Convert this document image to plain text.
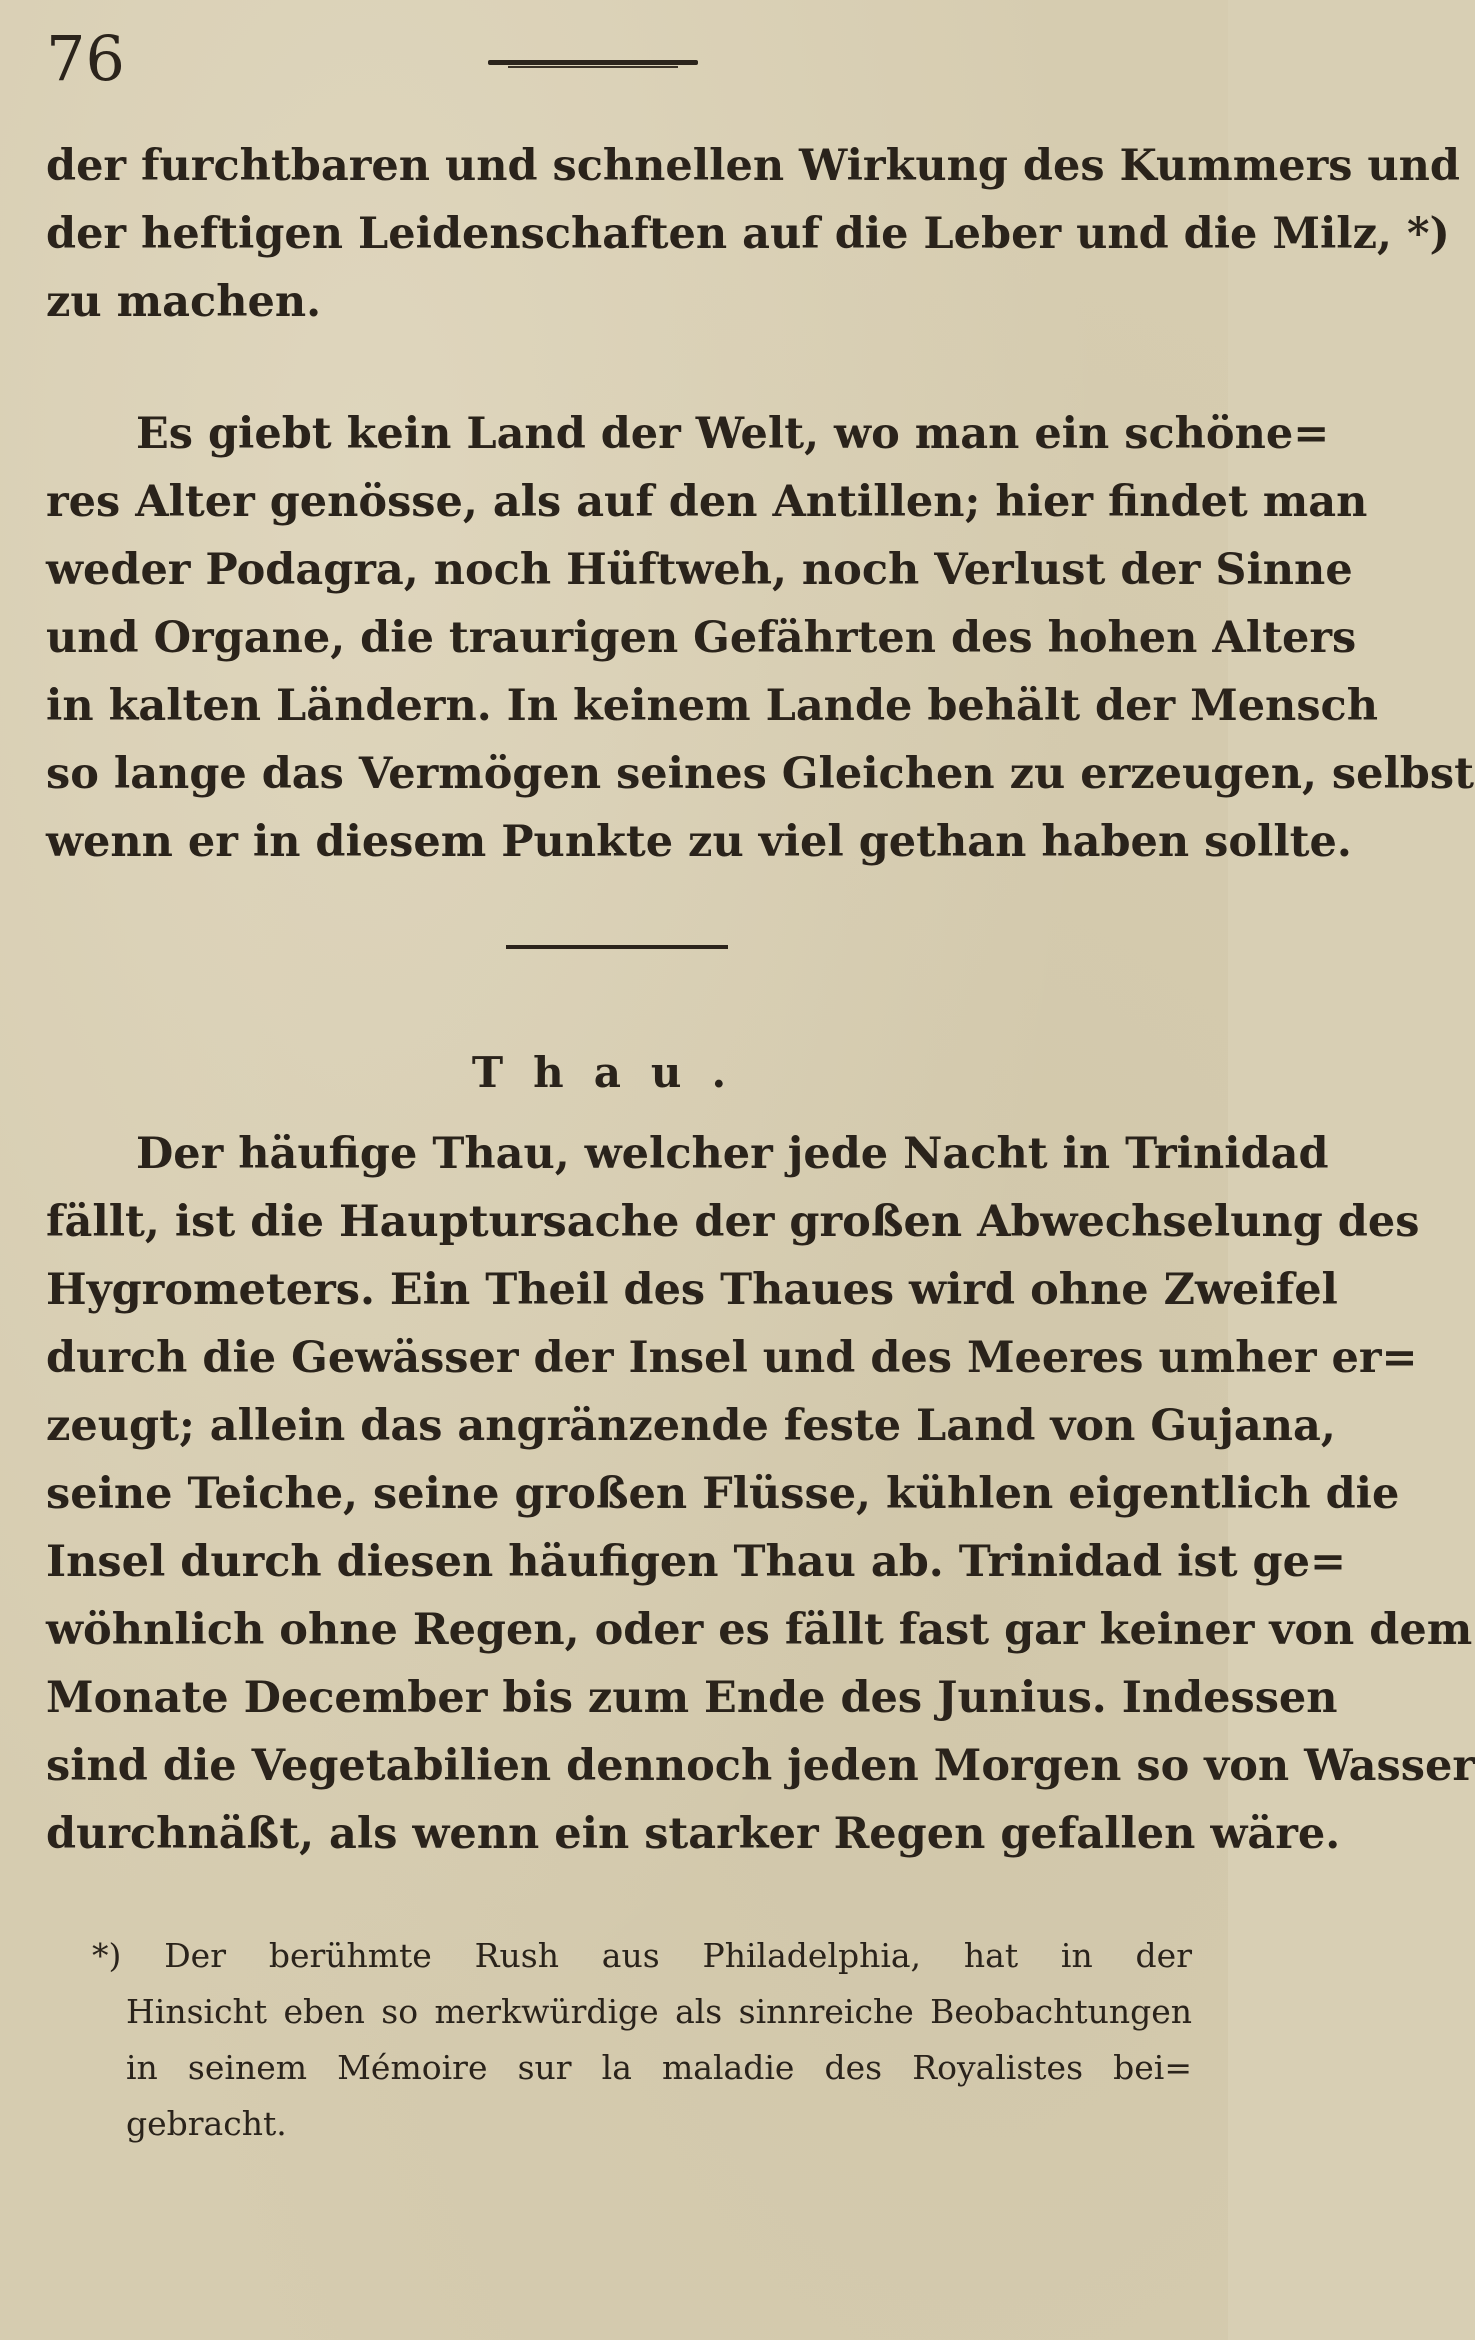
76
der furchtbaren und schnellen Wirkung des Kummers und
der heftigen Leidenschaften auf die Leber und die Milz, *)
zu machen.
Es giebt kein Land der Welt, wo man ein schöne=
res Alter genösse, als auf den Antillen; hier findet man
weder Podagra, noch Hüftweh, noch Verlust der Sinne
und Organe, die traurigen Gefährten des hohen Alters
in kalten Ländern. In keinem Lande behält der Mensch
so lange das Vermögen seines Gleichen zu erzeugen, selbst
wenn er in diesem Punkte zu viel gethan haben sollte.
Thau.
Der häufige Thau, welcher jede Nacht in Trinidad
fällt, ist die Hauptursache der großen Abwechselung des
Hygrometers. Ein Theil des Thaues wird ohne Zweifel
durch die Gewässer der Insel und des Meeres umher er=
zeugt; allein das angränzende feste Land von Gujana,
seine Teiche, seine großen Flüsse, kühlen eigentlich die
Insel durch diesen häufigen Thau ab. Trinidad ist ge=
wöhnlich ohne Regen, oder es fällt fast gar keiner von dem
Monate December bis zum Ende des Junius. Indessen
sind die Vegetabilien dennoch jeden Morgen so von Wasser
durchnäßt, als wenn ein starker Regen gefallen wäre.
*) Der berühmte Rush aus Philadelphia, hat in der
Hinsicht eben so merkwürdige als sinnreiche Beobachtungen
in seinem Mémoire sur la maladie des Royalistes bei=
gebracht.
